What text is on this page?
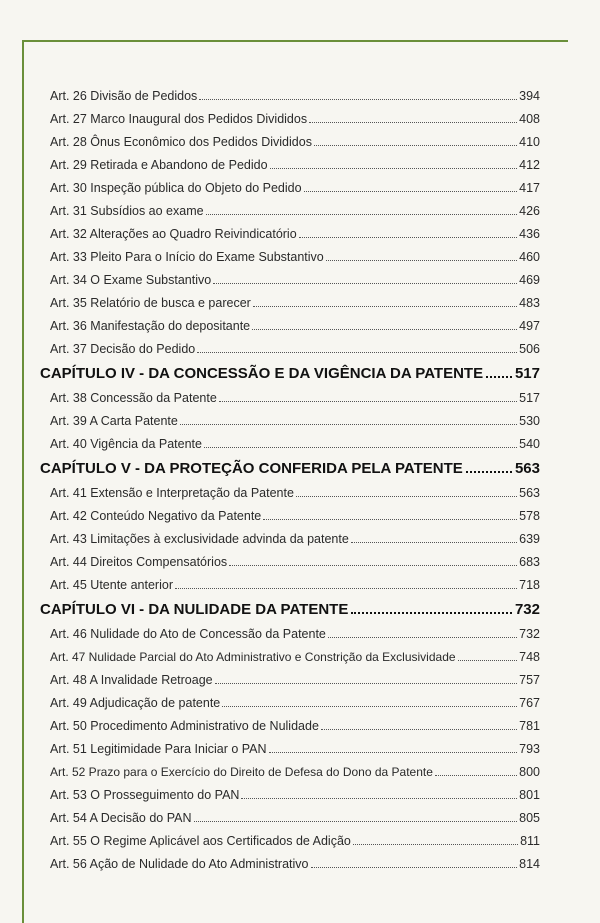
Art. 26 Divisão de Pedidos	394
Art. 27 Marco Inaugural dos Pedidos Divididos	408
Art. 28 Ônus Econômico dos Pedidos Divididos	410
Art. 29 Retirada e Abandono de Pedido	412
Art. 30 Inspeção pública do Objeto do Pedido	417
Art. 31 Subsídios ao exame	426
Art. 32 Alterações ao Quadro Reivindicatório	436
Art. 33 Pleito Para o Início do Exame Substantivo	460
Art. 34 O Exame Substantivo	469
Art. 35 Relatório de busca e parecer	483
Art. 36 Manifestação do depositante	497
Art. 37 Decisão do Pedido	506
CAPÍTULO IV - DA CONCESSÃO E DA VIGÊNCIA DA PATENTE 517
Art. 38 Concessão da Patente	517
Art. 39 A Carta Patente	530
Art. 40 Vigência da Patente	540
CAPÍTULO V - DA PROTEÇÃO CONFERIDA PELA PATENTE	563
Art. 41 Extensão e Interpretação da Patente	563
Art. 42 Conteúdo Negativo da Patente	578
Art. 43 Limitações à exclusividade advinda da patente	639
Art. 44 Direitos Compensatórios	683
Art. 45 Utente anterior	718
CAPÍTULO VI - DA NULIDADE DA PATENTE	732
Art. 46 Nulidade do Ato de Concessão da Patente	732
Art. 47 Nulidade Parcial do Ato Administrativo e Constrição da Exclusividade	748
Art. 48 A Invalidade Retroage	757
Art. 49 Adjudicação de patente	767
Art. 50 Procedimento Administrativo de Nulidade	781
Art. 51 Legitimidade Para Iniciar o PAN	793
Art. 52 Prazo para o Exercício do Direito de Defesa do Dono da Patente	800
Art. 53 O Prosseguimento do PAN	801
Art. 54 A Decisão do PAN	805
Art. 55 O Regime Aplicável aos Certificados de Adição	811
Art. 56 Ação de Nulidade do Ato Administrativo	814
